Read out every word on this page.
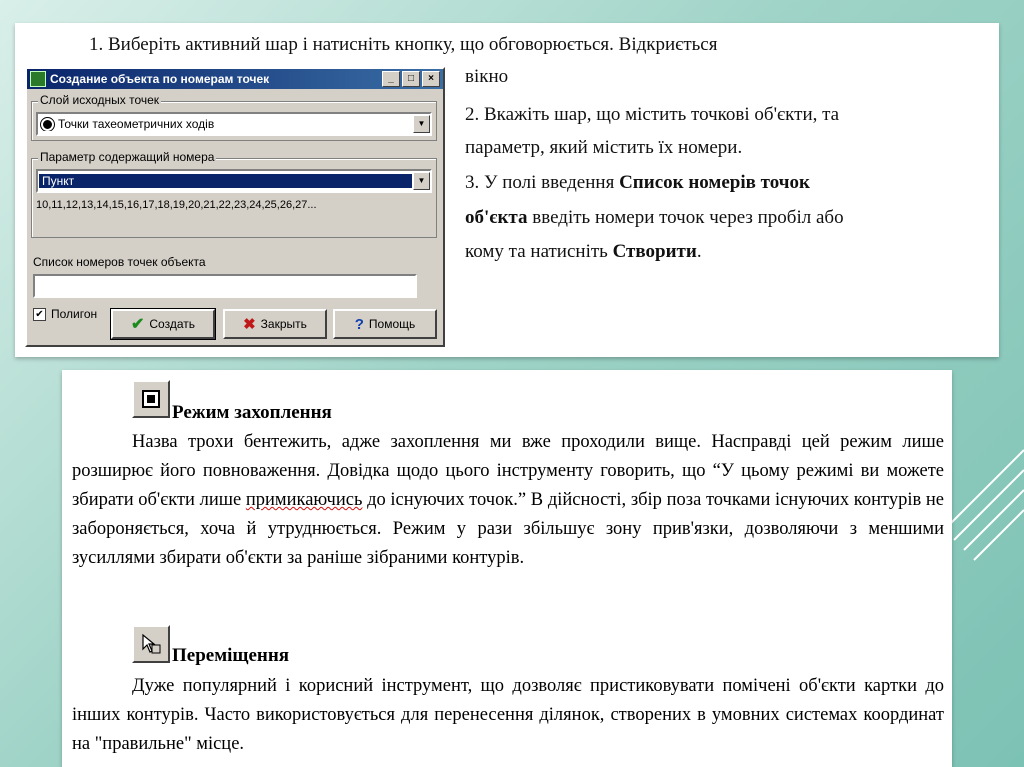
Создание объекта по номерам точек	_	□	×
Слой исходных точек
Точки тахеометричних ходів	▼
Параметр содержащий номера
Пункт	▼
10,11,12,13,14,15,16,17,18,19,20,21,22,23,24,25,26,27...
Список номеров точек объекта
✔ Полигон
✔ Создать	✖ Закрыть	? Помощь
1. Виберіть активний шар і натисніть кнопку, що обговорюється. Відкриється
вікно
2. Вкажіть шар, що містить точкові об'єкти, та
параметр, який містить їх номери.
3. У полі введення Список номерів точок
об'єкта введіть номери точок через пробіл або
кому та натисніть Створити.
Режим захоплення
Назва трохи бентежить, адже захоплення ми вже проходили вище. Насправді цей режим лише розширює його повноваження. Довідка щодо цього інструменту говорить, що “У цьому режимі ви можете збирати об'єкти лише примикаючись до існуючих точок.” В дійсності, збір поза точками існуючих контурів не забороняється, хоча й утруднюється. Режим у рази збільшує зону прив'язки, дозволяючи з меншими зусиллями збирати об'єкти за раніше зібраними контурів.
Переміщення
Дуже популярний і корисний інструмент, що дозволяє пристиковувати помічені об'єкти картки до інших контурів. Часто використовується для перенесення ділянок, створених в умовних системах координат на "правильне" місце.
